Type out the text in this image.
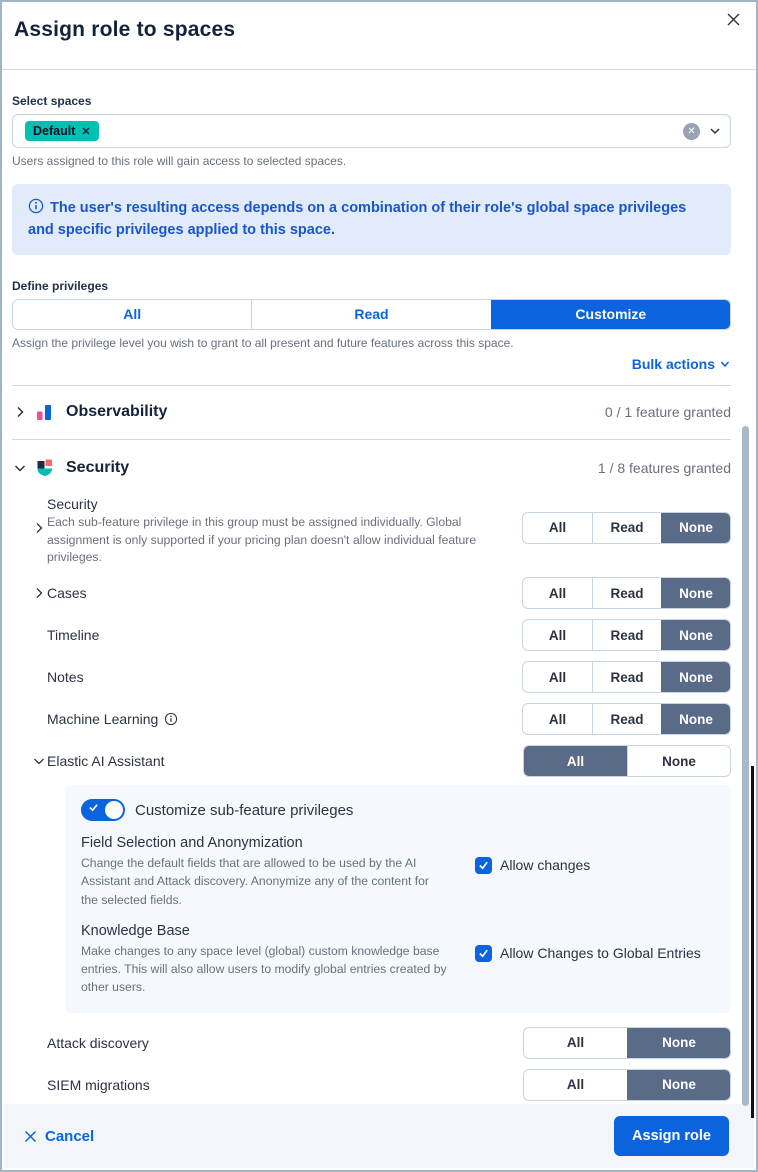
Assign role to spaces
Select spaces
Default ✕	✕
Users assigned to this role will gain access to selected spaces.
The user's resulting access depends on a combination of their role's global space privileges and specific privileges applied to this space.
Define privileges
All	Read	Customize
Assign the privilege level you wish to grant to all present and future features across this space.
Bulk actions
Observability	0 / 1 feature granted
Security	1 / 8 features granted
Security
Each sub-feature privilege in this group must be assigned individually. Global assignment is only supported if your pricing plan doesn't allow individual feature privileges.
All	Read	None
Cases	All	Read	None
Timeline	All	Read	None
Notes	All	Read	None
Machine Learning	All	Read	None
Elastic AI Assistant	All	None
Customize sub-feature privileges
Field Selection and Anonymization
Change the default fields that are allowed to be used by the AI Assistant and Attack discovery. Anonymize any of the content for the selected fields.
Allow changes
Knowledge Base
Make changes to any space level (global) custom knowledge base entries. This will also allow users to modify global entries created by other users.
Allow Changes to Global Entries
Attack discovery	All	None
SIEM migrations	All	None
Cancel	Assign role
